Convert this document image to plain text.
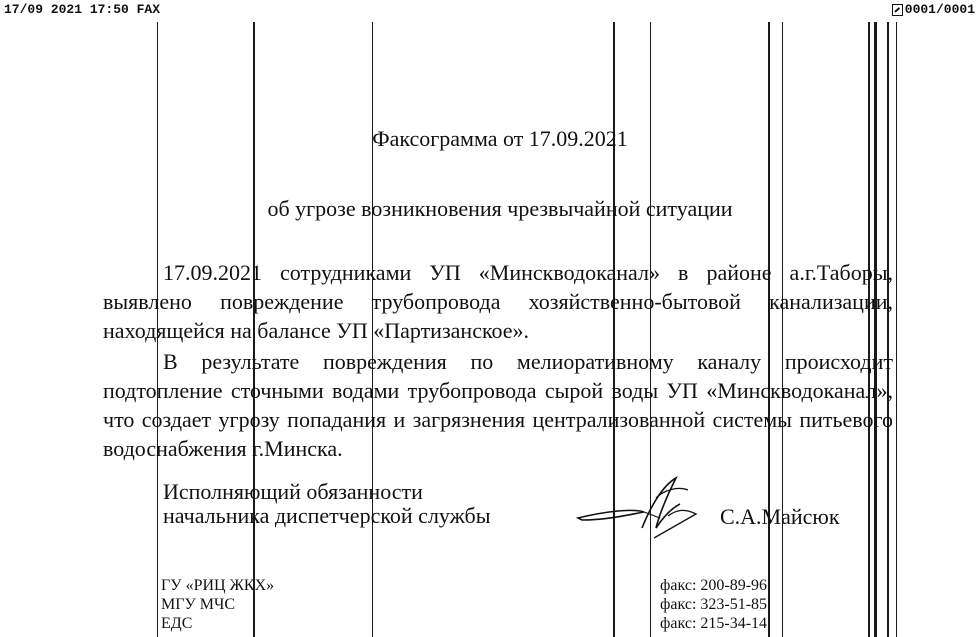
17/09 2021 17:50 FAX	0001/0001
Факсограмма от 17.09.2021
об угрозе возникновения чрезвычайной ситуации

17.09.2021 сотрудниками УП «Минскводоканал» в районе а.г.Таборы, выявлено повреждение трубопровода хозяйственно-бытовой канализации, находящейся на балансе УП «Партизанское».

В результате повреждения по мелиоративному каналу происходит подтопление сточными водами трубопровода сырой воды УП «Минскводоканал», что создает угрозу попадания и загрязнения централизованной системы питьевого водоснабжения г.Минска.

Исполняющий обязанности
начальника диспетчерской службы	С.А.Майсюк
ГУ «РИЦ ЖКХ»
МГУ МЧС
ЕДС
факс: 200-89-96
факс: 323-51-85
факс: 215-34-14
